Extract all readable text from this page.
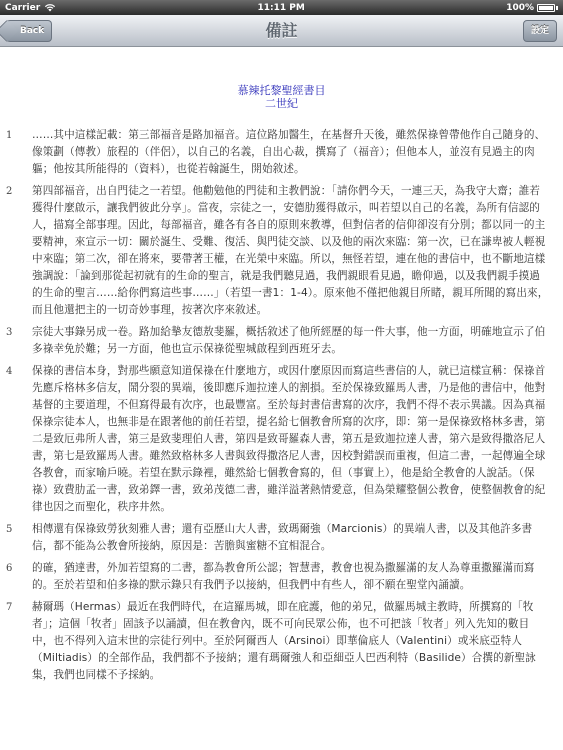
Carrier	11:11 PM	100%
備註
Back	設定
慕辣托黎聖經書目
二世紀
1 ……其中這樣記載：第三部福音是路加福音。這位路加醫生，在基督升天後，雖然保祿曾帶他作自己隨身的、像策劃（傳教）旅程的（伴侶），以自己的名義，自出心裁，撰寫了（福音）；但他本人，並沒有見過主的肉軀；他按其所能得的（資料），也從若翰誕生，開始敘述。
2 第四部福音，出自門徒之一若望。他勸勉他的門徒和主教們說：「請你們今天，一連三天，為我守大齋；誰若獲得什麼啟示，讓我們彼此分享」。當夜，宗徒之一，安德肋獲得啟示，叫若望以自己的名義，為所有信認的人，描寫全部事理。因此，每部福音，雖各有各自的原則來教導，但對信者的信仰卻沒有分別；都以同一的主要精神，來宣示一切：關於誕生、受難、復活、與門徒交談、以及他的兩次來臨：第一次，已在謙卑被人輕視中來臨；第二次，卻在將來，要帶著王權，在光榮中來臨。所以，無怪若望，連在他的書信中，也不斷地這樣強調說：「論到那從起初就有的生命的聖言，就是我們聽見過，我們親眼看見過，瞻仰過，以及我們親手摸過的生命的聖言……給你們寫這些事……」（若望一書1：1-4）。原來他不僅把他親目所睹，親耳所聞的寫出來，而且他還把主的一切奇妙事理，按著次序來敘述。
3 宗徒大事錄另成一卷。路加給摯友德敖斐羅，概括敘述了他所經歷的每一件大事，他一方面，明確地宣示了伯多祿幸免於難；另一方面，他也宣示保祿從聖城啟程到西班牙去。
4 保祿的書信本身，對那些願意知道保祿在什麼地方，或因什麼原因而寫這些書信的人，就已這樣宣稱：保祿首先應斥格林多信友，鬧分裂的異端，後即應斥迦拉達人的割損。至於保祿致羅馬人書，乃是他的書信中，他對基督的主要道理，不但寫得最有次序，也最豐富。至於每封書信書寫的次序，我們不得不表示異議。因為真福保祿宗徒本人，也無非是在跟著他的前任若望，提名給七個教會所寫的次序，即：第一是保祿致格林多書，第二是致厄弗所人書，第三是致斐理伯人書，第四是致哥羅森人書，第五是致迦拉達人書，第六是致得撒洛尼人書，第七是致羅馬人書。雖然致格林多人書與致得撒洛尼人書，因校對錯誤而重複，但這二書，一起傳遍全球各教會，而家喻戶曉。若望在默示錄裡，雖然給七個教會寫的，但（事實上），他是給全教會的人說話。（保祿）致費肋孟一書，致弟鐸一書，致弟茂德二書，雖洋溢著熱情愛意，但為榮耀整個公教會，使整個教會的紀律也因之而聖化，秩序井然。
5 相傳還有保祿致勞狄刻雅人書；還有亞歷山大人書，致瑪爾強（Marcionis）的異端人書，以及其他許多書信，都不能為公教會所接納，原因是：苦膽與蜜糖不宜相混合。
6 的確，猶達書，外加若望寫的二書，都為教會所公認；智慧書，教會也視為撒羅滿的友人為尊重撒羅滿而寫的。至於若望和伯多祿的默示錄只有我們予以接納，但我們中有些人，卻不願在聖堂內誦讀。
7 赫爾瑪（Hermas）最近在我們時代，在這羅馬城，即在庇護，他的弟兄，做羅馬城主教時，所撰寫的「牧者」；這個「牧者」固該予以誦讀，但在教會內，既不可向民眾公佈，也不可把該「牧者」列入先知的數目中，也不得列入這末世的宗徒行列中。至於阿爾西人（Arsinoi）即華倫底人（Valentini）或米底亞特人（Miltiadis）的全部作品，我們都不予接納；還有瑪爾強人和亞細亞人巴西利特（Basilide）合撰的新聖詠集，我們也同樣不予採納。
